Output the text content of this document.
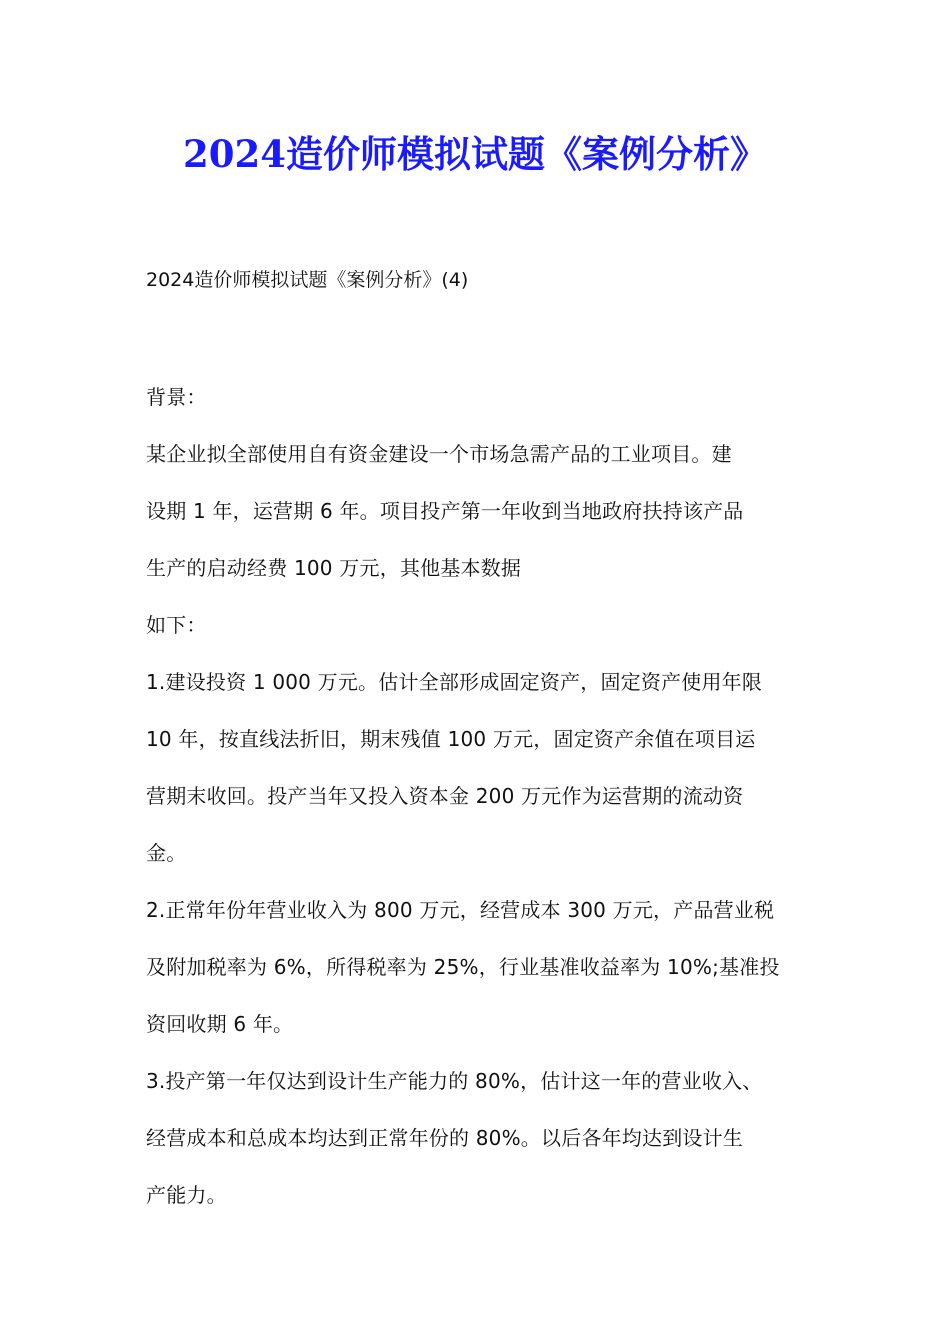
2024造价师模拟试题《案例分析》
2024造价师模拟试题《案例分析》(4)
背景：
某企业拟全部使用自有资金建设一个市场急需产品的工业项目。建
设期 1 年，运营期 6 年。项目投产第一年收到当地政府扶持该产品
生产的启动经费 100 万元，其他基本数据
如下：
1.建设投资 1 000 万元。估计全部形成固定资产，固定资产使用年限
10 年，按直线法折旧，期末残值 100 万元，固定资产余值在项目运
营期末收回。投产当年又投入资本金 200 万元作为运营期的流动资
金。
2.正常年份年营业收入为 800 万元，经营成本 300 万元，产品营业税
及附加税率为 6%，所得税率为 25%，行业基准收益率为 10%;基准投
资回收期 6 年。
3.投产第一年仅达到设计生产能力的 80%，估计这一年的营业收入、
经营成本和总成本均达到正常年份的 80%。以后各年均达到设计生
产能力。
